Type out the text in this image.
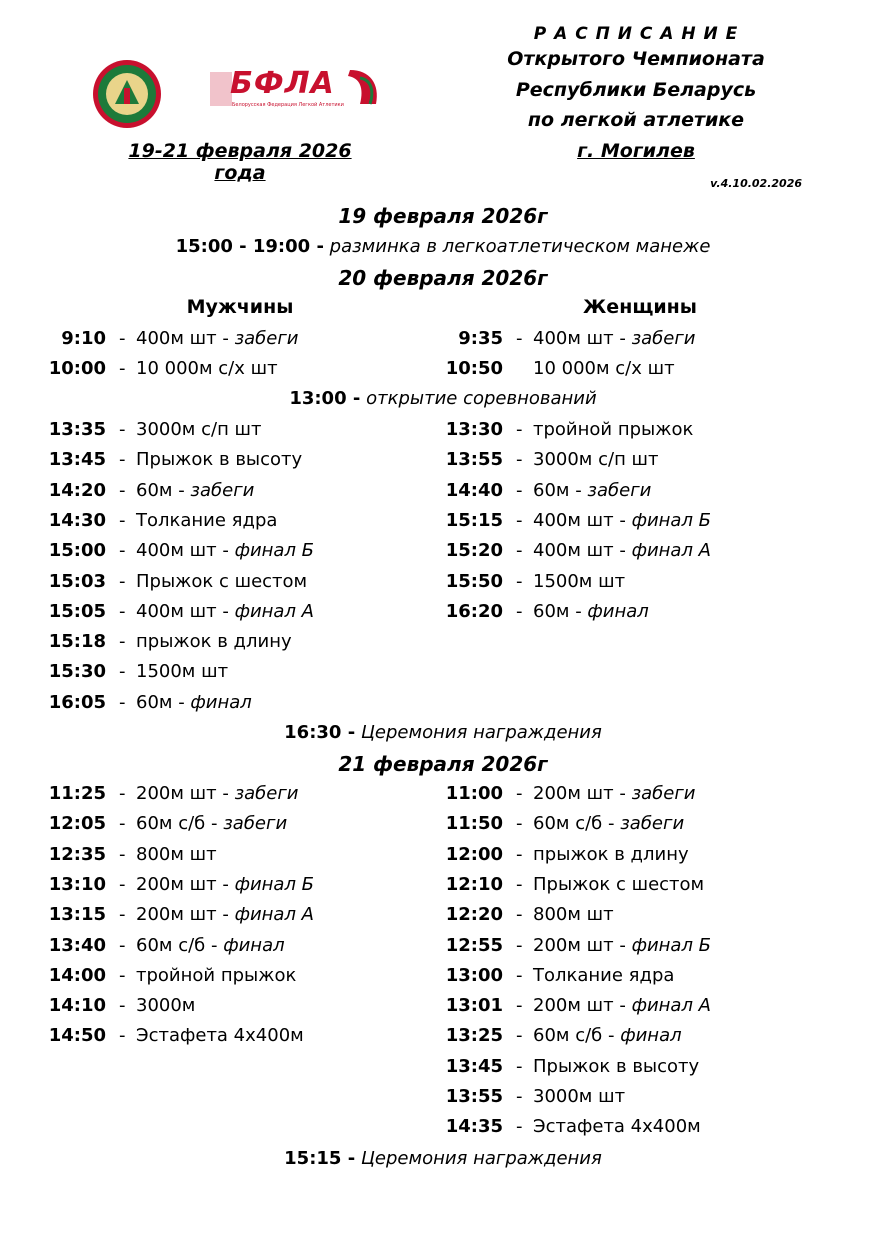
БФЛА
Белорусская Федерация Легкой Атлетики
Р А С П И С А Н И Е
Открытого Чемпионата
Республики Беларусь
по легкой атлетике
г. Могилев
19-21 февраля 2026 года	v.4.10.02.2026
19 февраля 2026г
15:00 - 19:00 - разминка в легкоатлетическом манеже
20 февраля 2026г
Мужчины	Женщины
9:10 - 400м шт - забеги
10:00 - 10 000м с/х шт
9:35 - 400м шт - забеги
10:50 10 000м с/х шт
13:00 - открытие соревнований
13:35 - 3000м с/п шт
13:45 - Прыжок в высоту
14:20 - 60м - забеги
14:30 - Толкание ядра
15:00 - 400м шт - финал Б
15:03 - Прыжок с шестом
15:05 - 400м шт - финал А
15:18 - прыжок в длину
15:30 - 1500м шт
16:05 - 60м - финал
13:30 - тройной прыжок
13:55 - 3000м с/п шт
14:40 - 60м - забеги
15:15 - 400м шт - финал Б
15:20 - 400м шт - финал А
15:50 - 1500м шт
16:20 - 60м - финал
16:30 - Церемония награждения
21 февраля 2026г
11:25 - 200м шт - забеги
12:05 - 60м с/б - забеги
12:35 - 800м шт
13:10 - 200м шт - финал Б
13:15 - 200м шт - финал А
13:40 - 60м с/б - финал
14:00 - тройной прыжок
14:10 - 3000м
14:50 - Эстафета 4х400м
11:00 - 200м шт - забеги
11:50 - 60м с/б - забеги
12:00 - прыжок в длину
12:10 - Прыжок с шестом
12:20 - 800м шт
12:55 - 200м шт - финал Б
13:00 - Толкание ядра
13:01 - 200м шт - финал А
13:25 - 60м с/б - финал
13:45 - Прыжок в высоту
13:55 - 3000м шт
14:35 - Эстафета 4х400м
15:15 - Церемония награждения
